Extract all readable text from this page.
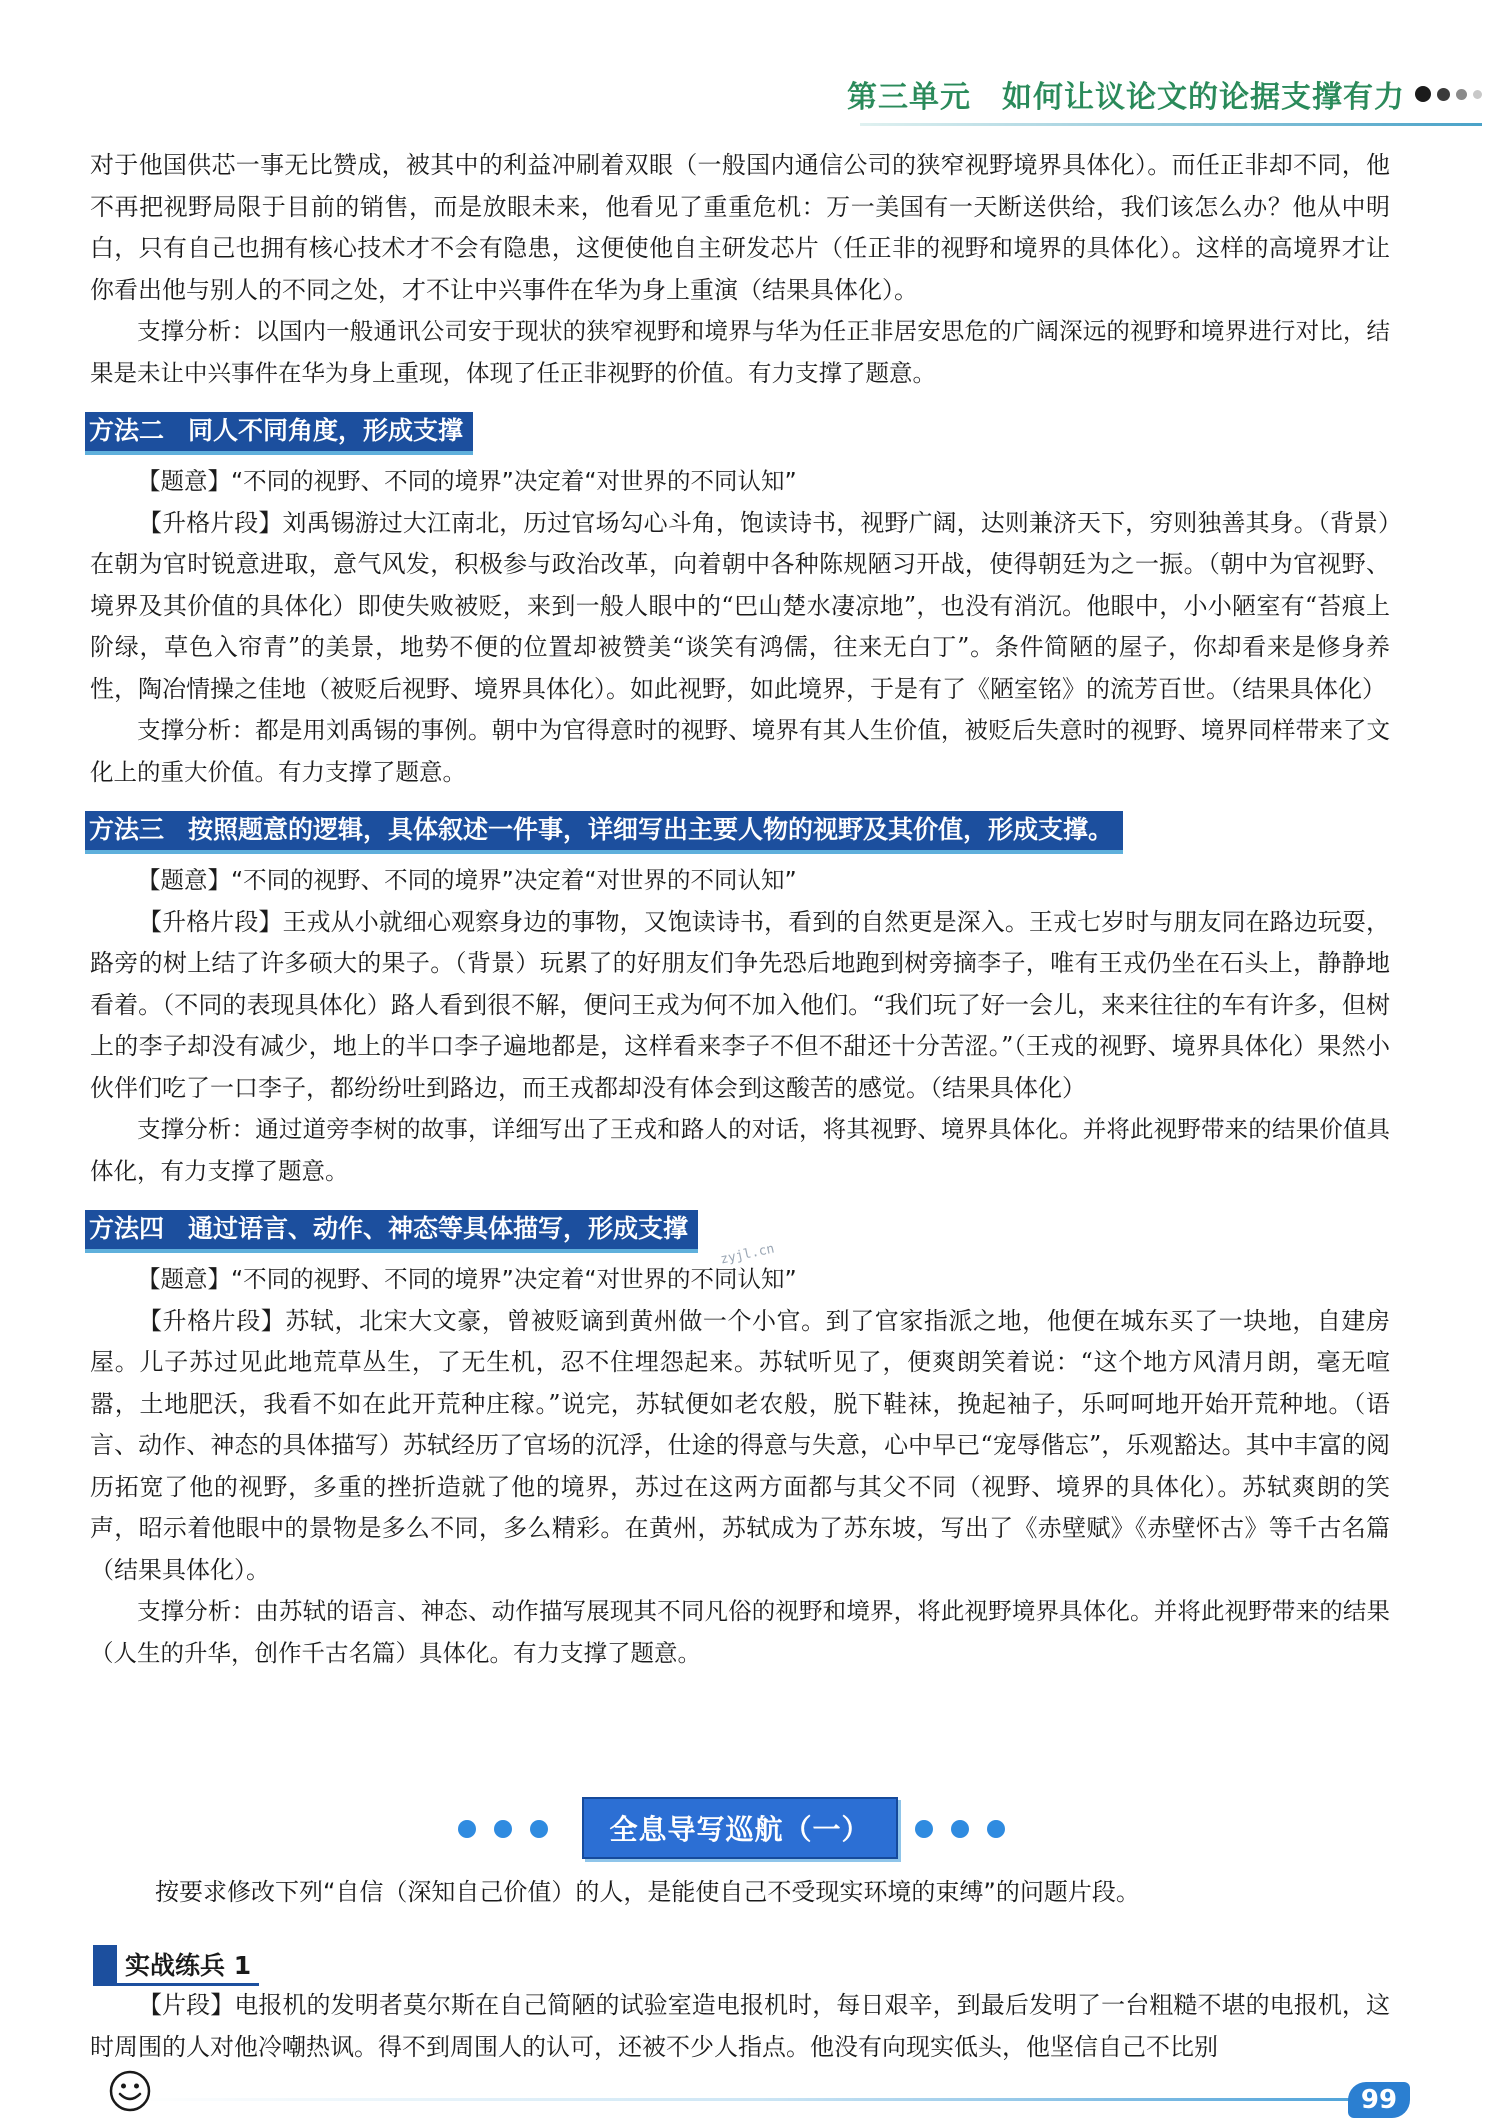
第三单元　如何让议论文的论据支撑有力

对于他国供芯一事无比赞成，被其中的利益冲刷着双眼（一般国内通信公司的狭窄视野境界具体化）。而任正非却不同，他不再把视野局限于目前的销售，而是放眼未来，他看见了重重危机：万一美国有一天断送供给，我们该怎么办？他从中明白，只有自己也拥有核心技术才不会有隐患，这便使他自主研发芯片（任正非的视野和境界的具体化）。这样的高境界才让你看出他与别人的不同之处，才不让中兴事件在华为身上重演（结果具体化）。

支撑分析：以国内一般通讯公司安于现状的狭窄视野和境界与华为任正非居安思危的广阔深远的视野和境界进行对比，结果是未让中兴事件在华为身上重现，体现了任正非视野的价值。有力支撑了题意。

方法二 同人不同角度，形成支撑

【题意】“不同的视野、不同的境界”决定着“对世界的不同认知”

【升格片段】刘禹锡游过大江南北，历过官场勾心斗角，饱读诗书，视野广阔，达则兼济天下，穷则独善其身。（背景）在朝为官时锐意进取，意气风发，积极参与政治改革，向着朝中各种陈规陋习开战，使得朝廷为之一振。（朝中为官视野、境界及其价值的具体化）即使失败被贬，来到一般人眼中的“巴山楚水凄凉地”，也没有消沉。他眼中，小小陋室有“苔痕上阶绿，草色入帘青”的美景，地势不便的位置却被赞美“谈笑有鸿儒，往来无白丁”。条件简陋的屋子，你却看来是修身养性，陶冶情操之佳地（被贬后视野、境界具体化）。如此视野，如此境界，于是有了《陋室铭》的流芳百世。（结果具体化）

支撑分析：都是用刘禹锡的事例。朝中为官得意时的视野、境界有其人生价值，被贬后失意时的视野、境界同样带来了文化上的重大价值。有力支撑了题意。

方法三 按照题意的逻辑，具体叙述一件事，详细写出主要人物的视野及其价值，形成支撑。

【题意】“不同的视野、不同的境界”决定着“对世界的不同认知”

【升格片段】王戎从小就细心观察身边的事物，又饱读诗书，看到的自然更是深入。王戎七岁时与朋友同在路边玩耍，路旁的树上结了许多硕大的果子。（背景）玩累了的好朋友们争先恐后地跑到树旁摘李子，唯有王戎仍坐在石头上，静静地看着。（不同的表现具体化）路人看到很不解，便问王戎为何不加入他们。“我们玩了好一会儿，来来往往的车有许多，但树上的李子却没有减少，地上的半口李子遍地都是，这样看来李子不但不甜还十分苦涩。”（王戎的视野、境界具体化）果然小伙伴们吃了一口李子，都纷纷吐到路边，而王戎都却没有体会到这酸苦的感觉。（结果具体化）

支撑分析：通过道旁李树的故事，详细写出了王戎和路人的对话，将其视野、境界具体化。并将此视野带来的结果价值具体化，有力支撑了题意。

方法四 通过语言、动作、神态等具体描写，形成支撑

【题意】“不同的视野、不同的境界”决定着“对世界的不同认知”

【升格片段】苏轼，北宋大文豪，曾被贬谪到黄州做一个小官。到了官家指派之地，他便在城东买了一块地，自建房屋。儿子苏过见此地荒草丛生，了无生机，忍不住埋怨起来。苏轼听见了，便爽朗笑着说：“这个地方风清月朗，毫无喧嚣，土地肥沃，我看不如在此开荒种庄稼。”说完，苏轼便如老农般，脱下鞋袜，挽起袖子，乐呵呵地开始开荒种地。（语言、动作、神态的具体描写）苏轼经历了官场的沉浮，仕途的得意与失意，心中早已“宠辱偕忘”，乐观豁达。其中丰富的阅历拓宽了他的视野，多重的挫折造就了他的境界，苏过在这两方面都与其父不同（视野、境界的具体化）。苏轼爽朗的笑声，昭示着他眼中的景物是多么不同，多么精彩。在黄州，苏轼成为了苏东坡，写出了《赤壁赋》《赤壁怀古》等千古名篇（结果具体化）。

支撑分析：由苏轼的语言、神态、动作描写展现其不同凡俗的视野和境界，将此视野境界具体化。并将此视野带来的结果（人生的升华，创作千古名篇）具体化。有力支撑了题意。

zyjl.cn
全息导写巡航（一）
按要求修改下列“自信（深知自己价值）的人，是能使自己不受现实环境的束缚”的问题片段。
实战练兵 1

【片段】电报机的发明者莫尔斯在自己简陋的试验室造电报机时，每日艰辛，到最后发明了一台粗糙不堪的电报机，这时周围的人对他冷嘲热讽。得不到周围人的认可，还被不少人指点。他没有向现实低头，他坚信自己不比别

99
